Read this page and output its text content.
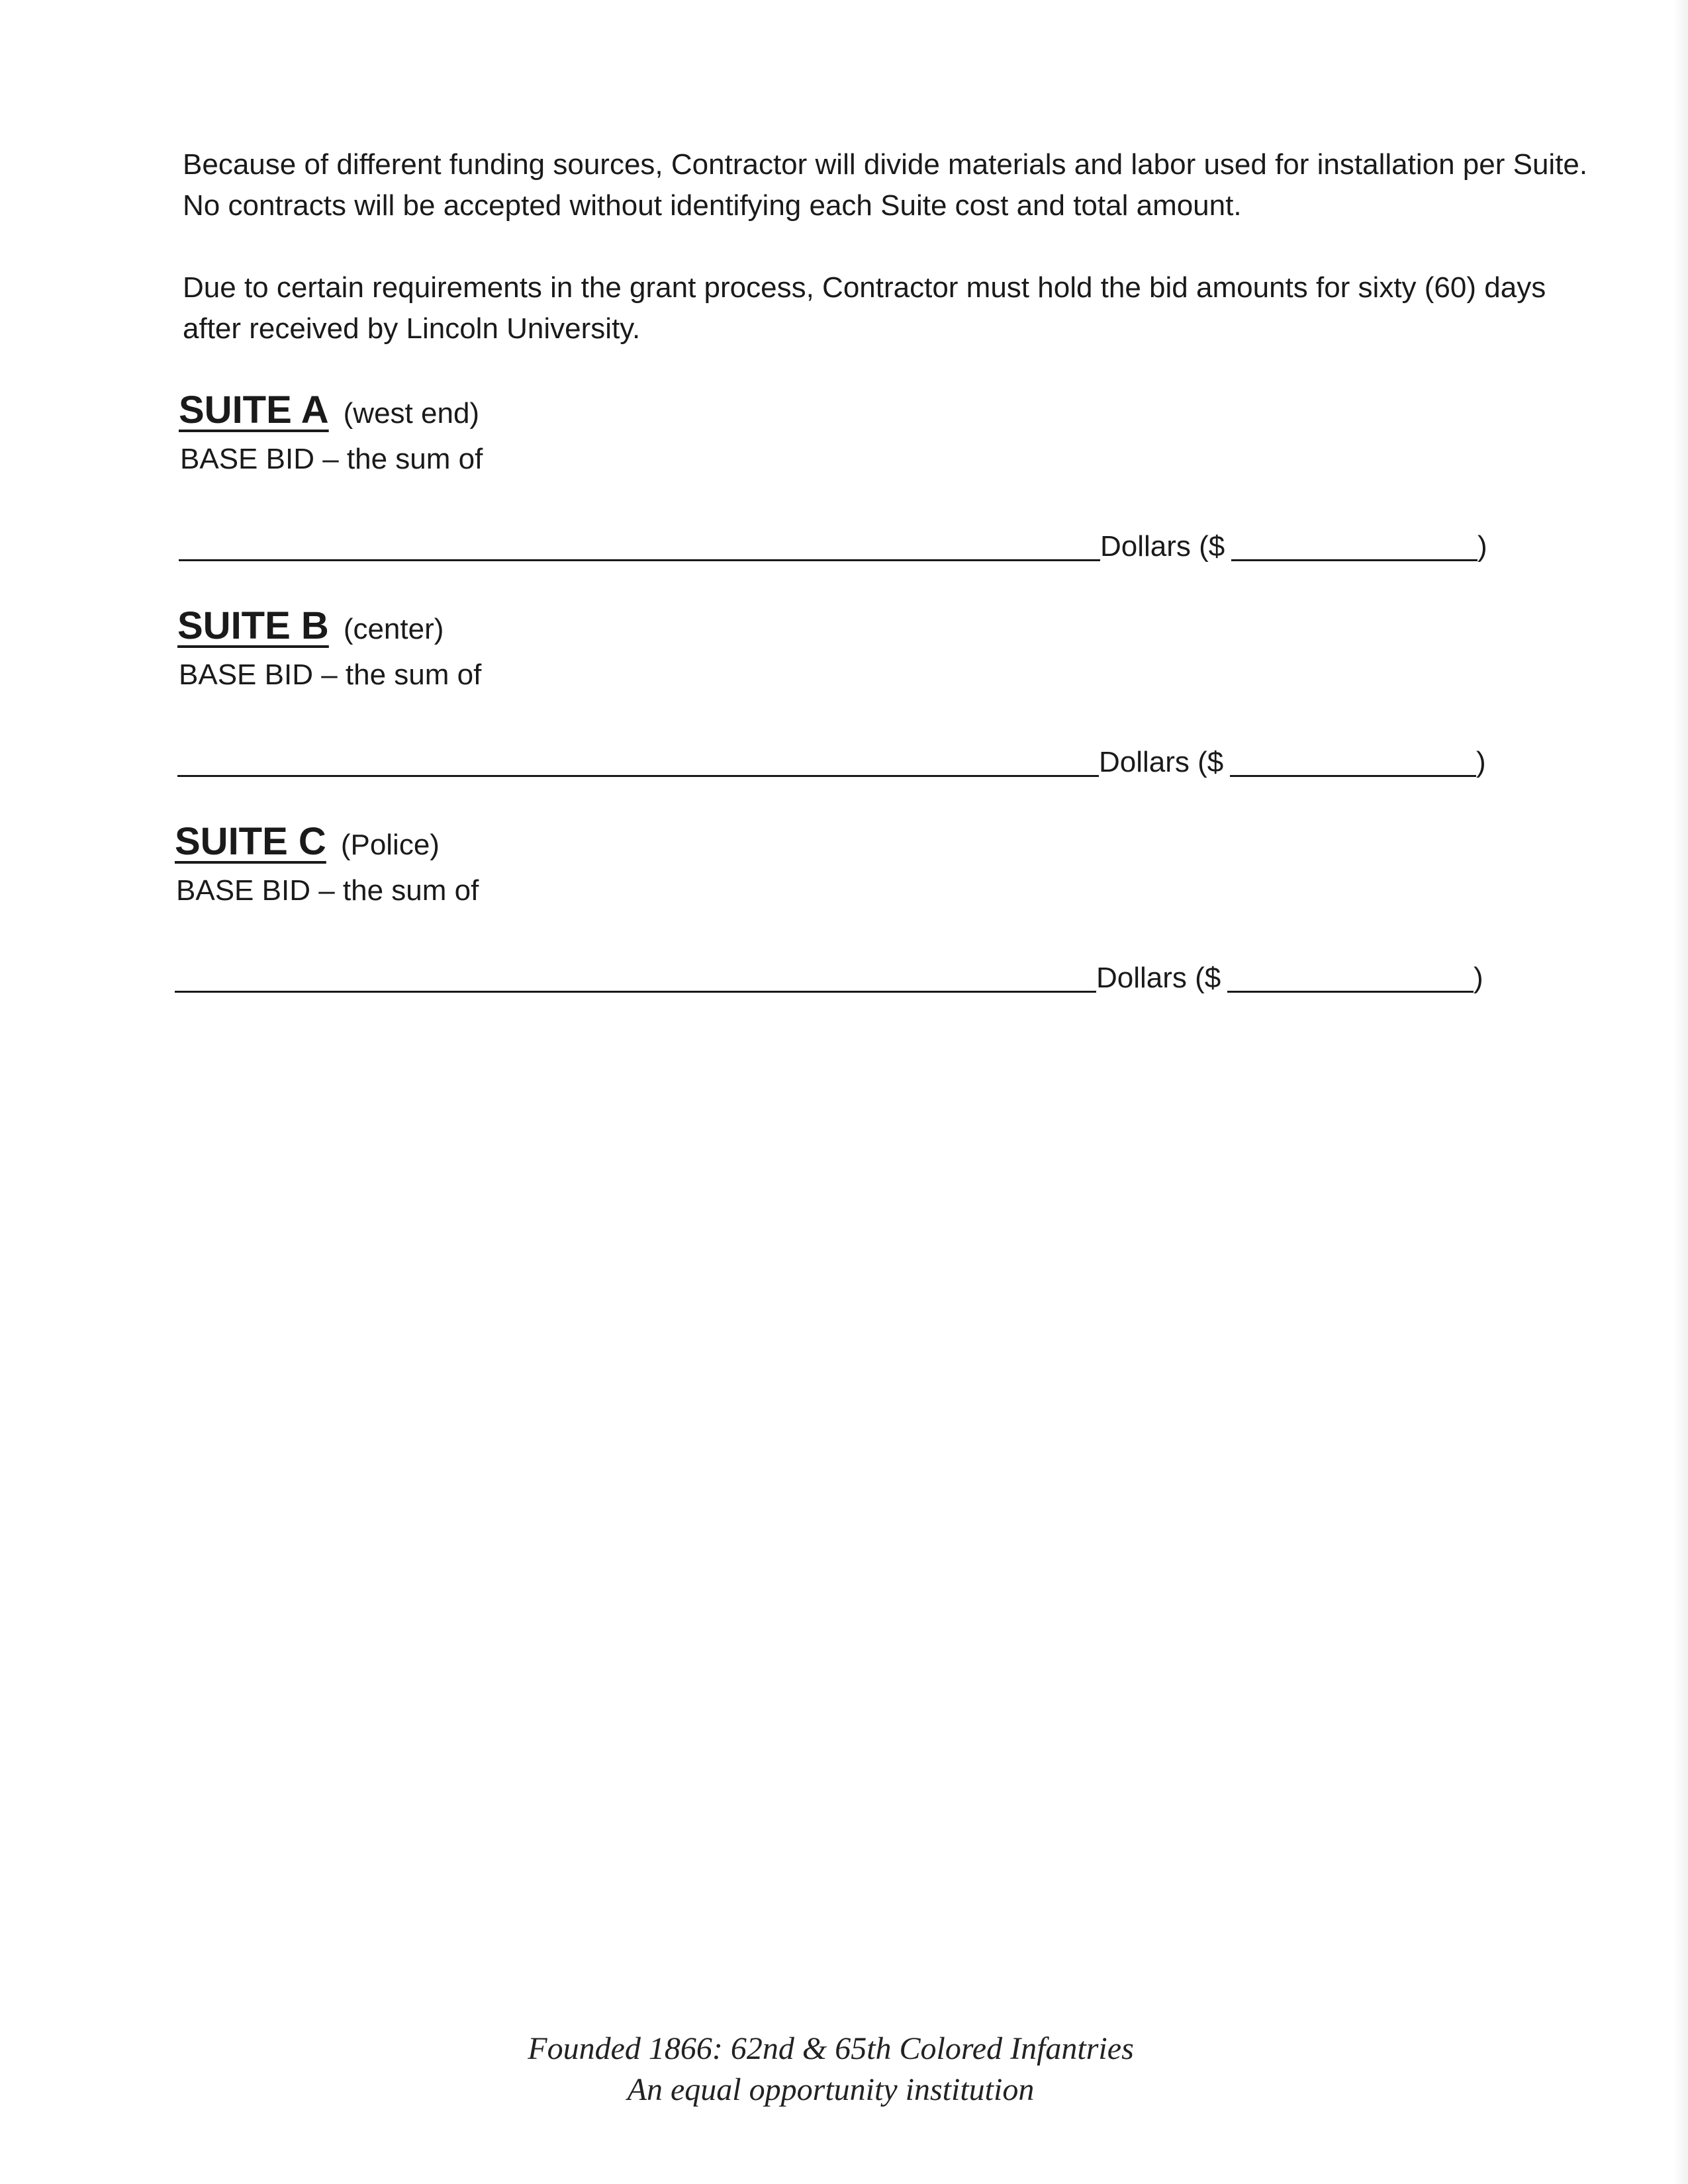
Because of different funding sources, Contractor will divide materials and labor used for installation per Suite. No contracts will be accepted without identifying each Suite cost and total amount.

Due to certain requirements in the grant process, Contractor must hold the bid amounts for sixty (60) days after received by Lincoln University.

SUITE A (west end)
BASE BID – the sum of
Dollars ($	)
SUITE B (center)
BASE BID – the sum of
Dollars ($	)
SUITE C (Police)
BASE BID – the sum of
Dollars ($	)
Founded 1866: 62nd & 65th Colored Infantries
An equal opportunity institution
